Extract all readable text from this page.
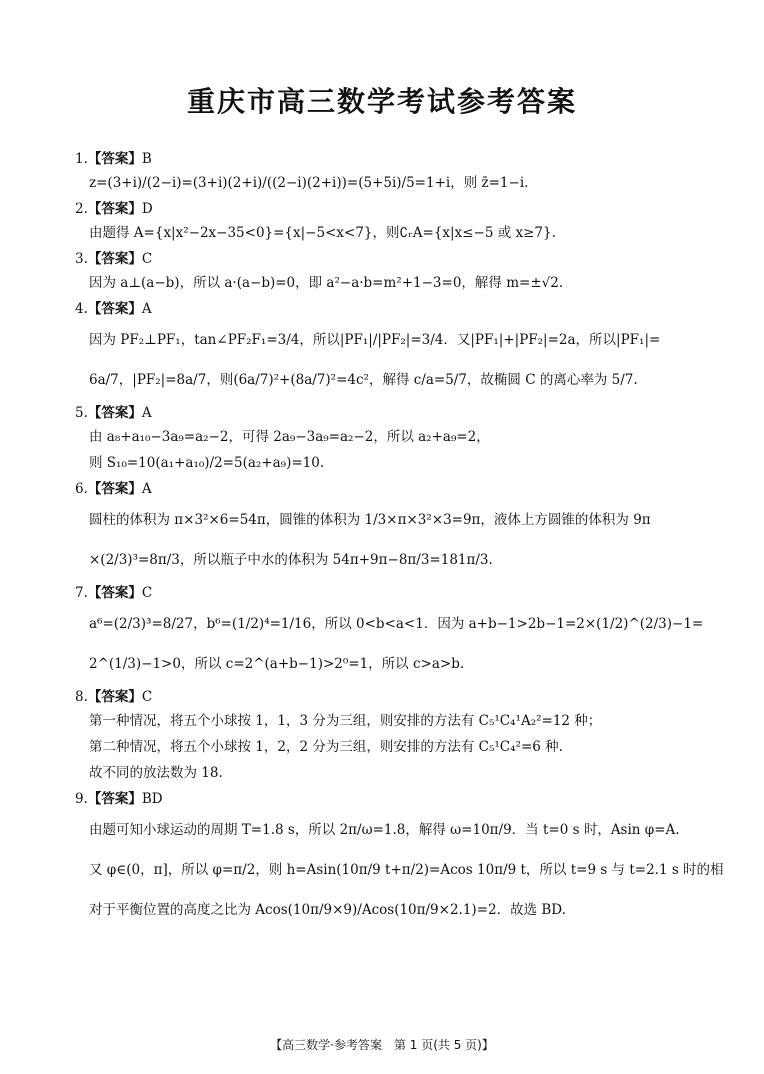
重庆市高三数学考试参考答案
1.【答案】B
z=(3+i)/(2−i)=(3+i)(2+i)/((2−i)(2+i))=(5+5i)/5=1+i，则 z̄=1−i.
2.【答案】D
由题得 A={x|x²−2x−35<0}={x|−5<x<7}，则∁ᵣA={x|x≤−5 或 x≥7}.
3.【答案】C
因为 a⊥(a−b)，所以 a·(a−b)=0，即 a²−a·b=m²+1−3=0，解得 m=±√2.
4.【答案】A
因为 PF₂⊥PF₁，tan∠PF₂F₁=3/4，所以|PF₁|/|PF₂|=3/4．又|PF₁|+|PF₂|=2a，所以|PF₁|=
6a/7，|PF₂|=8a/7，则(6a/7)²+(8a/7)²=4c²，解得 c/a=5/7，故椭圆 C 的离心率为 5/7.
5.【答案】A
由 a₈+a₁₀−3a₉=a₂−2，可得 2a₉−3a₉=a₂−2，所以 a₂+a₉=2，
则 S₁₀=10(a₁+a₁₀)/2=5(a₂+a₉)=10.
6.【答案】A
圆柱的体积为 π×3²×6=54π，圆锥的体积为 1/3×π×3²×3=9π，液体上方圆锥的体积为 9π
×(2/3)³=8π/3，所以瓶子中水的体积为 54π+9π−8π/3=181π/3.
7.【答案】C
a⁶=(2/3)³=8/27，b⁶=(1/2)⁴=1/16，所以 0<b<a<1．因为 a+b−1>2b−1=2×(1/2)^(2/3)−1=
2^(1/3)−1>0，所以 c=2^(a+b−1)>2⁰=1，所以 c>a>b.
8.【答案】C
第一种情况，将五个小球按 1，1，3 分为三组，则安排的方法有 C₅¹C₄¹A₂²=12 种；
第二种情况，将五个小球按 1，2，2 分为三组，则安排的方法有 C₅¹C₄²=6 种.
故不同的放法数为 18.
9.【答案】BD
由题可知小球运动的周期 T=1.8 s，所以 2π/ω=1.8，解得 ω=10π/9．当 t=0 s 时，Asin φ=A.
又 φ∈(0，π]，所以 φ=π/2，则 h=Asin(10π/9 t+π/2)=Acos 10π/9 t，所以 t=9 s 与 t=2.1 s 时的相
对于平衡位置的高度之比为 Acos(10π/9×9)/Acos(10π/9×2.1)=2．故选 BD.
【高三数学·参考答案　第 1 页(共 5 页)】
